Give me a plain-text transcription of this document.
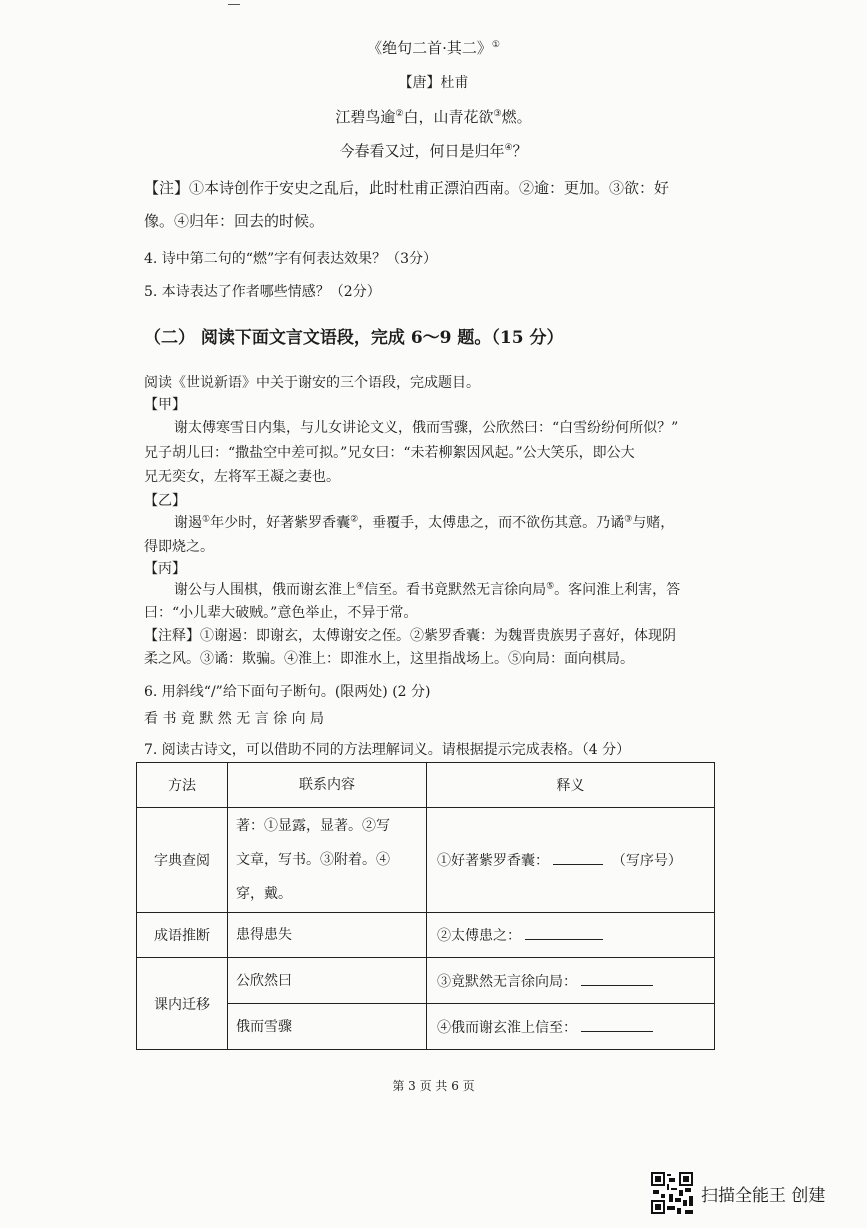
《绝句二首·其二》①
【唐】杜甫
江碧鸟逾②白，山青花欲③燃。
今春看又过，何日是归年④？
【注】①本诗创作于安史之乱后，此时杜甫正漂泊西南。②逾：更加。③欲：好
像。④归年：回去的时候。
4. 诗中第二句的“燃”字有何表达效果？（3分）
5. 本诗表达了作者哪些情感？（2分）
（二） 阅读下面文言文语段，完成 6～9 题。（15 分）
阅读《世说新语》中关于谢安的三个语段，完成题目。
【甲】
谢太傅寒雪日内集，与儿女讲论文义，俄而雪骤，公欣然曰：“白雪纷纷何所似？”
兄子胡儿曰：“撒盐空中差可拟。”兄女曰：“未若柳絮因风起。”公大笑乐，即公大
兄无奕女，左将军王凝之妻也。
【乙】
谢遏①年少时，好著紫罗香囊②，垂覆手，太傅患之，而不欲伤其意。乃谲③与赌，
得即烧之。
【丙】
谢公与人围棋，俄而谢玄淮上④信至。看书竟默然无言徐向局⑤。客问淮上利害，答
曰：“小儿辈大破贼。”意色举止，不异于常。
【注释】①谢遏：即谢玄，太傅谢安之侄。②紫罗香囊：为魏晋贵族男子喜好，体现阴
柔之风。③谲：欺骗。④淮上：即淮水上，这里指战场上。⑤向局：面向棋局。
6. 用斜线“/”给下面句子断句。(限两处) (2 分)
看 书 竟 默 然 无 言 徐 向 局
7. 阅读古诗文，可以借助不同的方法理解词义。请根据提示完成表格。（4 分）
方法	联系内容	释义
字典查阅	著：①显露，显著。②写
文章，写书。③附着。④
穿，戴。	①好著紫罗香囊： （写序号）
成语推断	患得患失	②太傅患之：
课内迁移	公欣然曰	③竟默然无言徐向局：
	俄而雪骤	④俄而谢玄淮上信至：
第 3 页 共 6 页
扫描全能王 创建
